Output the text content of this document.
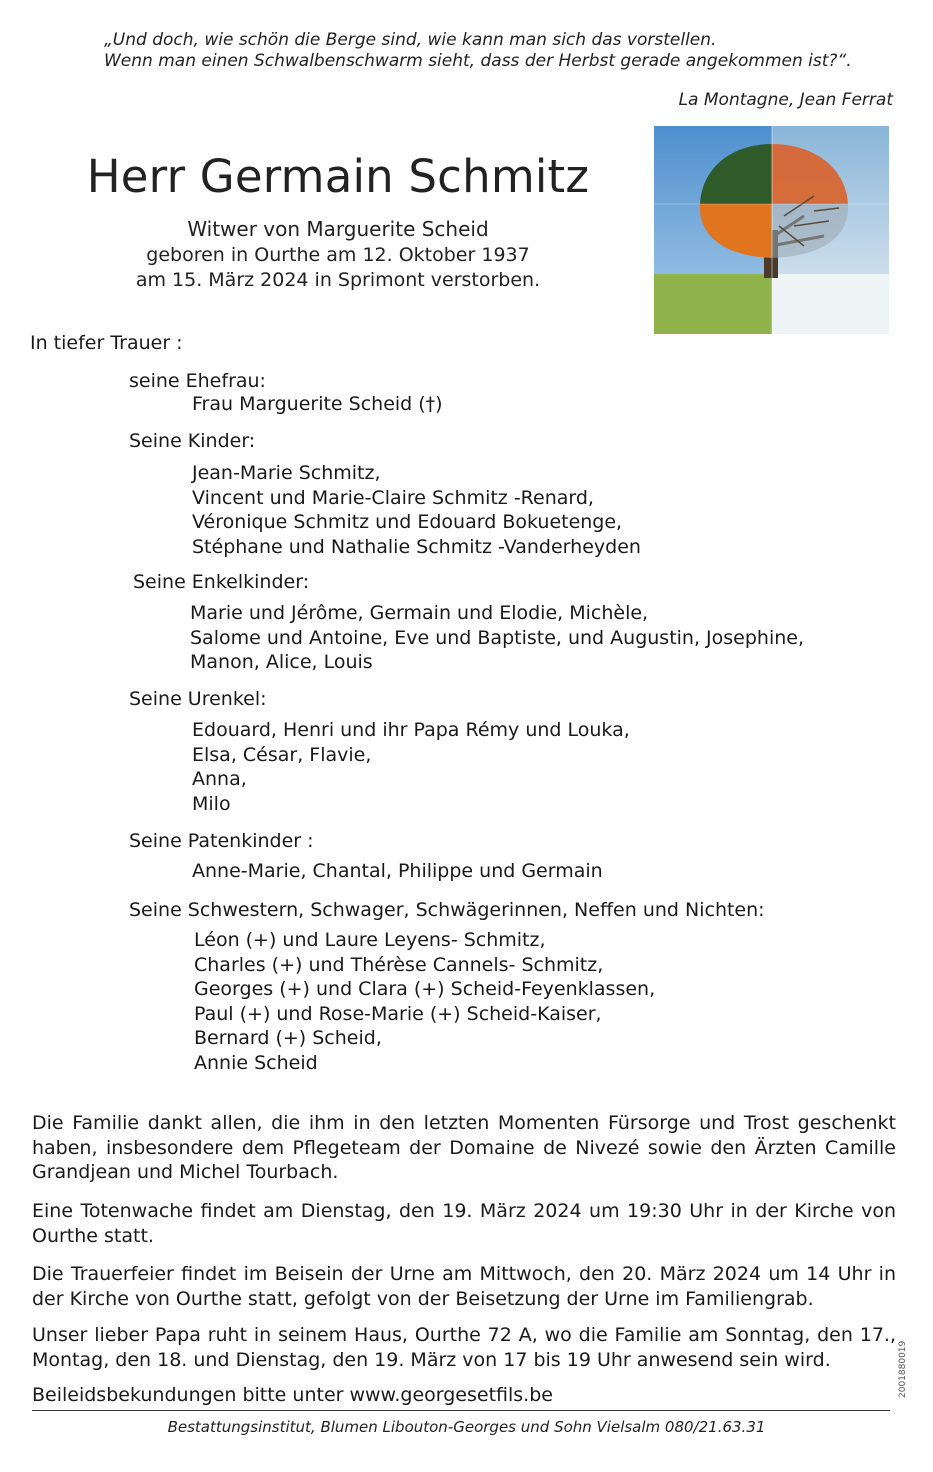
„Und doch, wie schön die Berge sind, wie kann man sich das vorstellen.
Wenn man einen Schwalbenschwarm sieht, dass der Herbst gerade angekommen ist?“.
La Montagne, Jean Ferrat
Herr Germain Schmitz
Witwer von Marguerite Scheid
geboren in Ourthe am 12. Oktober 1937
am 15. März 2024 in Sprimont verstorben.
In tiefer Trauer :
seine Ehefrau:
Frau Marguerite Scheid (†)
Seine Kinder:
Jean-Marie Schmitz,
Vincent und Marie-Claire Schmitz -Renard,
Véronique Schmitz und Edouard Bokuetenge,
Stéphane und Nathalie Schmitz -Vanderheyden
Seine Enkelkinder:
Marie und Jérôme, Germain und Elodie, Michèle,
Salome und Antoine, Eve und Baptiste, und Augustin, Josephine,
Manon, Alice, Louis
Seine Urenkel:
Edouard, Henri und ihr Papa Rémy und Louka,
Elsa, César, Flavie,
Anna,
Milo
Seine Patenkinder :
Anne-Marie, Chantal, Philippe und Germain
Seine Schwestern, Schwager, Schwägerinnen, Neffen und Nichten:
Léon (+) und Laure Leyens- Schmitz,
Charles (+) und Thérèse Cannels- Schmitz,
Georges (+) und Clara (+) Scheid-Feyenklassen,
Paul (+) und Rose-Marie (+) Scheid-Kaiser,
Bernard (+) Scheid,
Annie Scheid
Die Familie dankt allen, die ihm in den letzten Momenten Fürsorge und Trost geschenkt haben, insbesondere dem Pflegeteam der Domaine de Nivezé sowie den Ärzten Camille Grandjean und Michel Tourbach.
Eine Totenwache findet am Dienstag, den 19. März 2024 um 19:30 Uhr in der Kirche von Ourthe statt.
Die Trauerfeier findet im Beisein der Urne am Mittwoch, den 20. März 2024 um 14 Uhr in der Kirche von Ourthe statt, gefolgt von der Beisetzung der Urne im Familiengrab.
Unser lieber Papa ruht in seinem Haus, Ourthe 72 A, wo die Familie am Sonntag, den 17., Montag, den 18. und Dienstag, den 19. März von 17 bis 19 Uhr anwesend sein wird.
Beileidsbekundungen bitte unter www.georgesetfils.be
Bestattungsinstitut, Blumen Libouton-Georges und Sohn Vielsalm 080/21.63.31
2001880019
